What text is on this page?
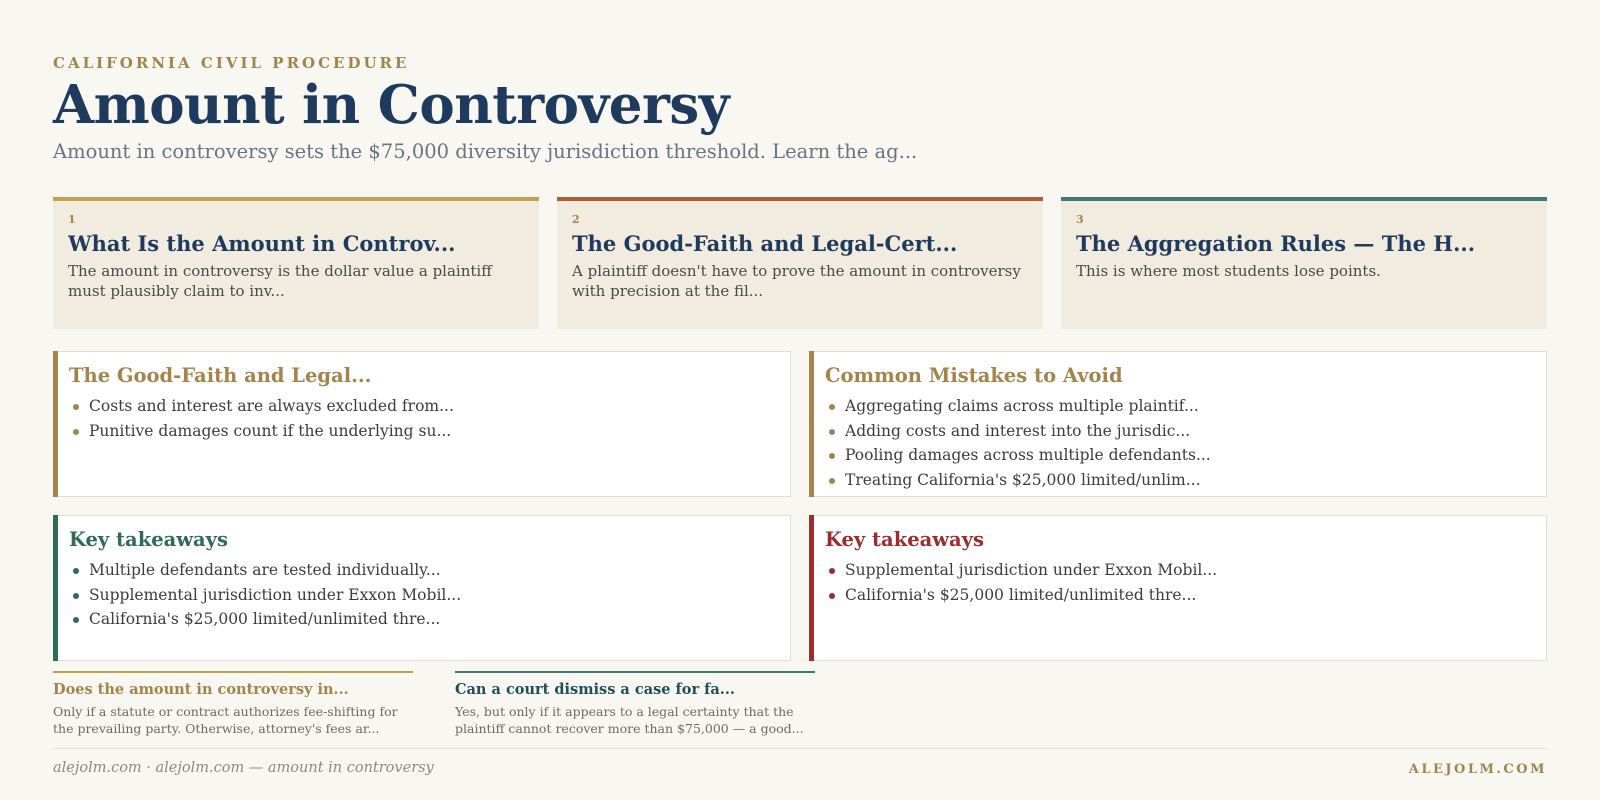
CALIFORNIA CIVIL PROCEDURE
Amount in Controversy
Amount in controversy sets the $75,000 diversity jurisdiction threshold. Learn the ag...
1
What Is the Amount in Controv...
The amount in controversy is the dollar value a plaintiff must plausibly claim to inv...
2
The Good-Faith and Legal-Cert...
A plaintiff doesn't have to prove the amount in controversy with precision at the fil...
3
The Aggregation Rules — The H...
This is where most students lose points.
The Good-Faith and Legal...
Costs and interest are always excluded from...
Punitive damages count if the underlying su...
Common Mistakes to Avoid
Aggregating claims across multiple plaintif...
Adding costs and interest into the jurisdic...
Pooling damages across multiple defendants...
Treating California's $25,000 limited/unlim...
Key takeaways
Multiple defendants are tested individually...
Supplemental jurisdiction under Exxon Mobil...
California's $25,000 limited/unlimited thre...
Key takeaways
Supplemental jurisdiction under Exxon Mobil...
California's $25,000 limited/unlimited thre...
Does the amount in controversy in...
Only if a statute or contract authorizes fee-shifting for the prevailing party. Otherwise, attorney's fees ar...
Can a court dismiss a case for fa...
Yes, but only if it appears to a legal certainty that the plaintiff cannot recover more than $75,000 — a good...
alejolm.com · alejolm.com — amount in controversy	ALEJOLM.COM
